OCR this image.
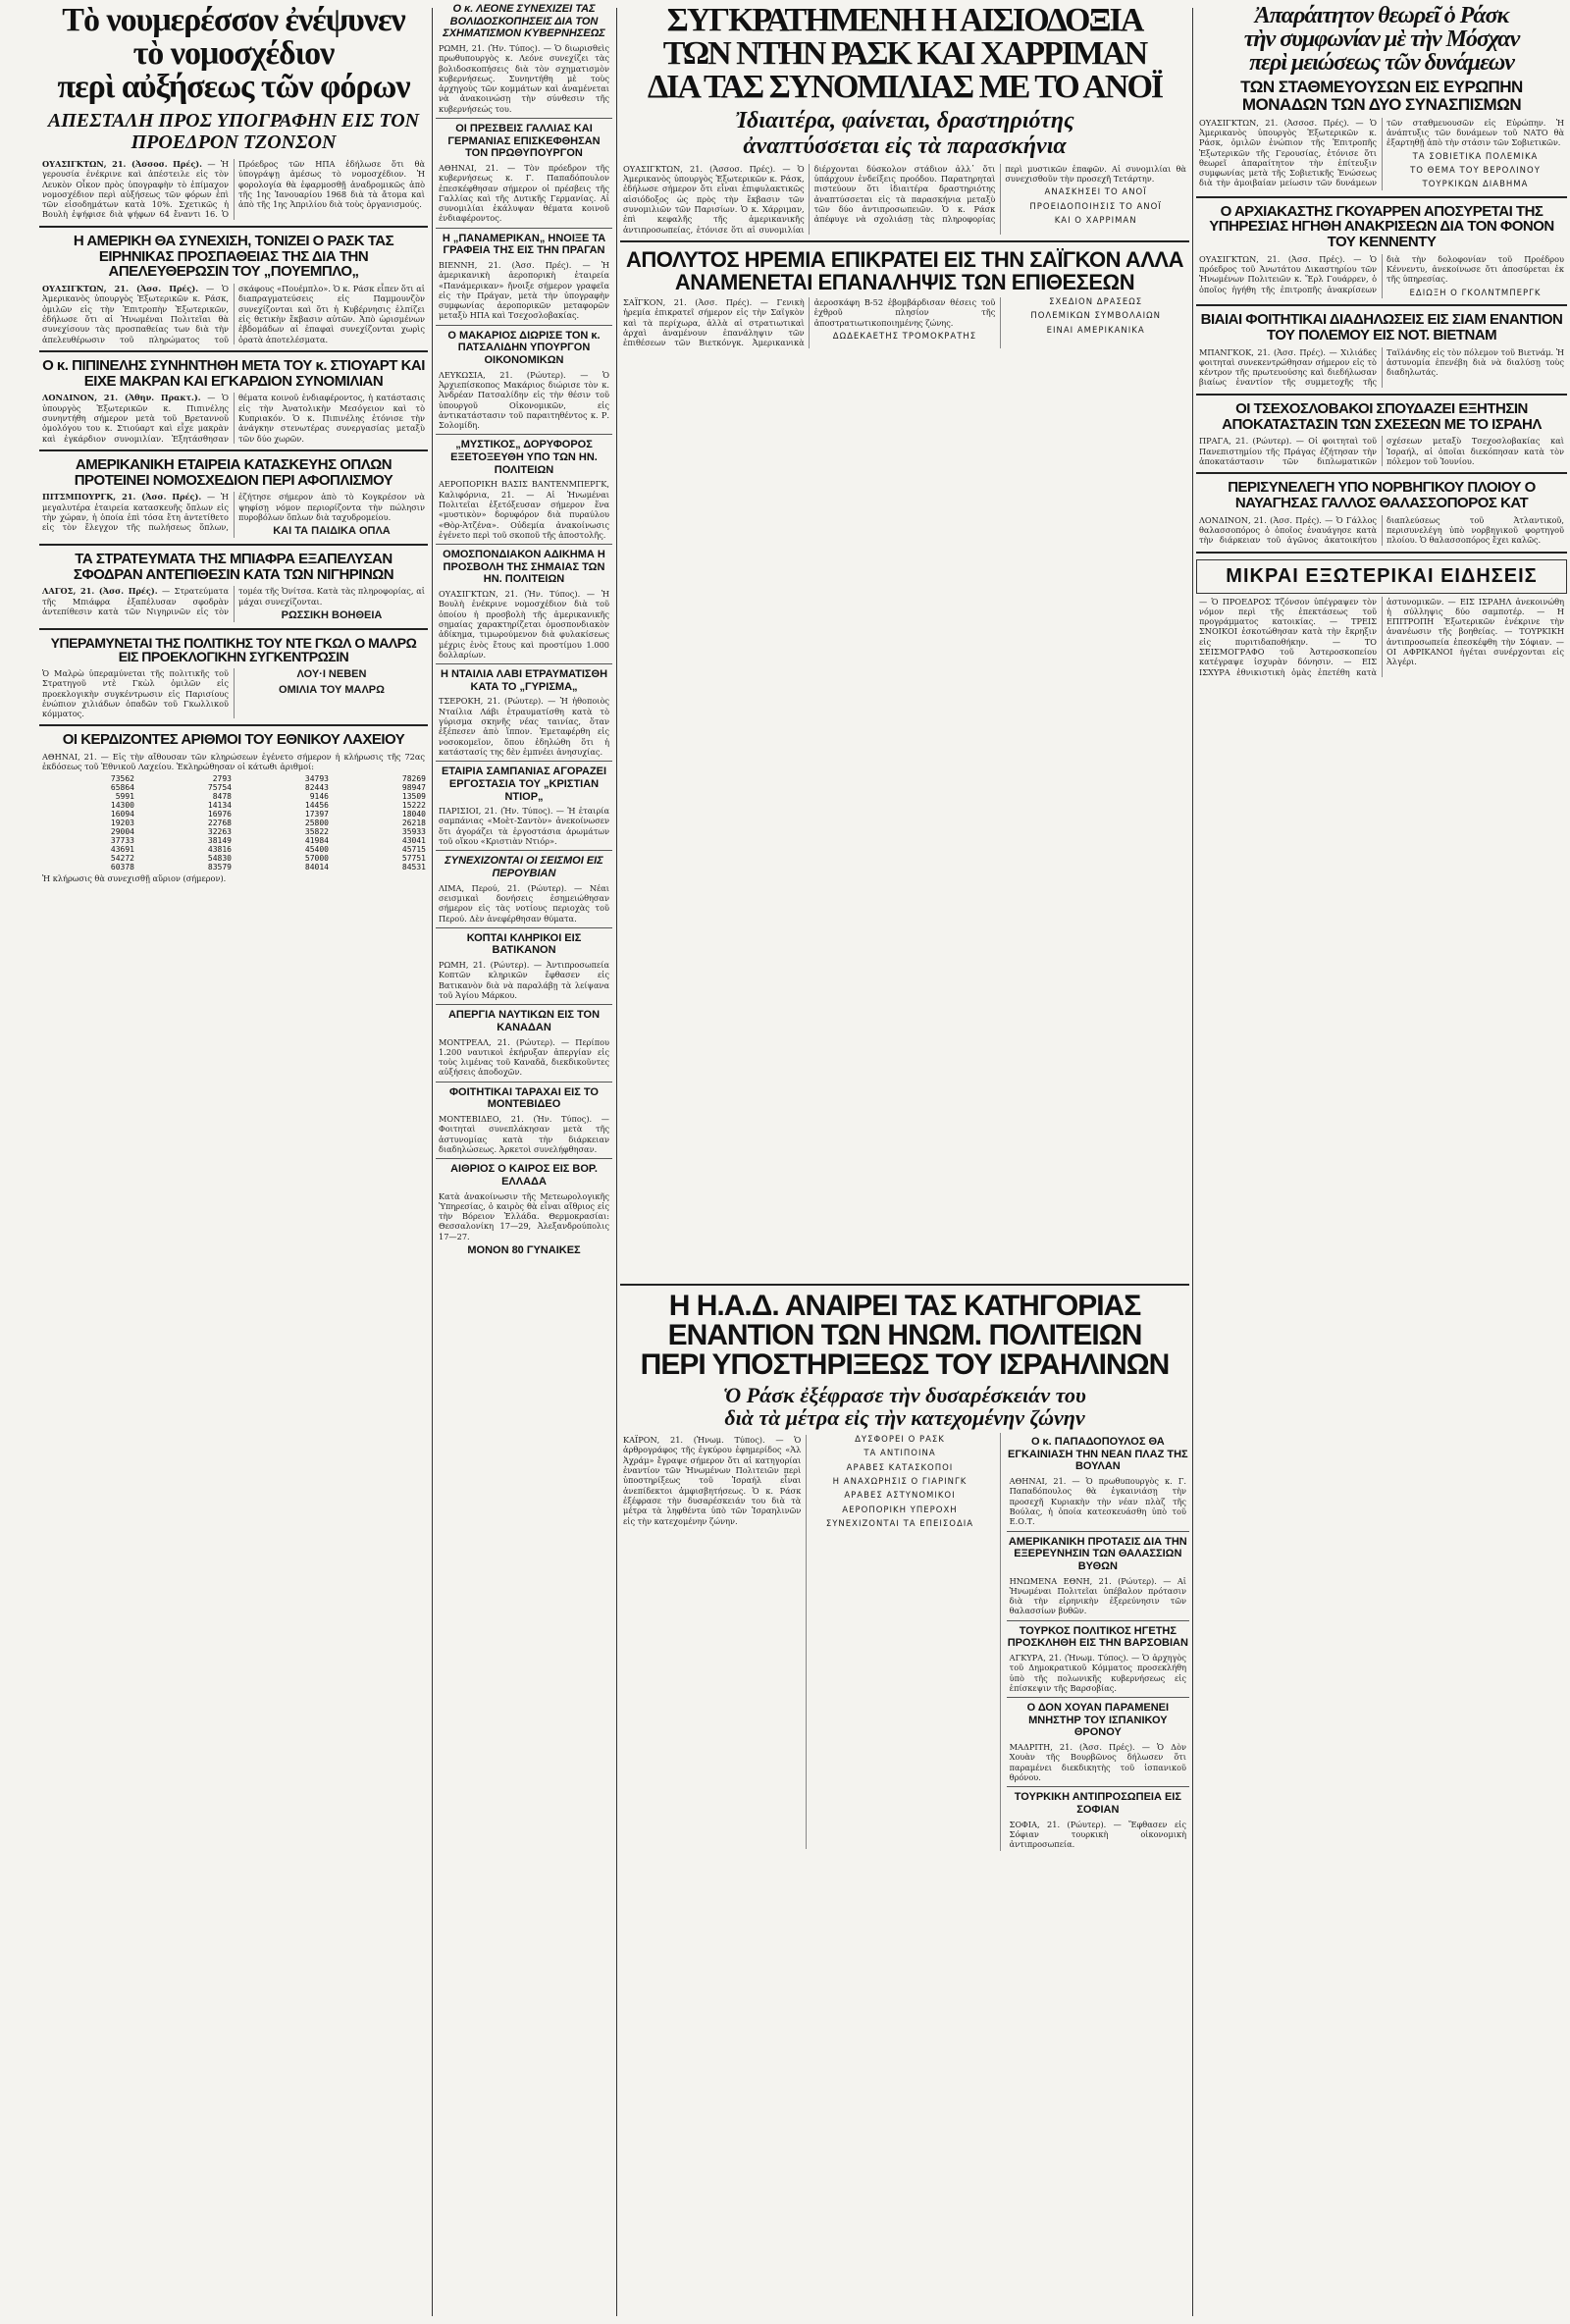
Τὸ νουμερέσσον ἐνέψυνεν
τὸ νομοσχέδιον
περὶ αὐξήσεως τῶν φόρων
ΑΠΕΣΤΑΛΗ ΠΡΟΣ ΥΠΟΓΡΑΦΗΝ ΕΙΣ ΤΟΝ ΠΡΟΕΔΡΟΝ ΤΖΟΝΣΟΝ
ΟΥΑΣΙΓΚΤΩΝ, 21. (Ἀσσοσ. Πρές). — Ἡ γερουσία ἐνέκρινε καὶ ἀπέστειλε εἰς τὸν Λευκὸν Οἶκον πρὸς ὑπογραφὴν τὸ ἐπίμαχον νομοσχέδιον περὶ αὐξήσεως τῶν φόρων ἐπὶ τῶν εἰσοδημάτων κατὰ 10%. Σχετικῶς ἡ Βουλὴ ἐψήφισε διὰ ψήφων 64 ἔναντι 16. Ὁ Πρόεδρος τῶν ΗΠΑ ἐδήλωσε ὅτι θὰ ὑπογράψῃ ἀμέσως τὸ νομοσχέδιον. Ἡ φορολογία θὰ ἐφαρμοσθῇ ἀναδρομικῶς ἀπὸ τῆς 1ης Ἰανουαρίου 1968 διὰ τὰ ἄτομα καὶ ἀπὸ τῆς 1ης Ἀπριλίου διὰ τοὺς ὀργανισμούς.
Η ΑΜΕΡΙΚΗ ΘΑ ΣΥΝΕΧΙΣΗ, ΤΟΝΙΖΕΙ Ο ΡΑΣΚ ΤΑΣ ΕΙΡΗΝΙΚΑΣ ΠΡΟΣΠΑΘΕΙΑΣ ΤΗΣ ΔΙΑ ΤΗΝ ΑΠΕΛΕΥΘΕΡΩΣΙΝ ΤΟΥ „ΠΟΥΕΜΠΛΟ„
ΟΥΑΣΙΓΚΤΩΝ, 21. (Ἀσσ. Πρές). — Ὁ Ἀμερικανὸς ὑπουργὸς Ἐξωτερικῶν κ. Ράσκ, ὁμιλῶν εἰς τὴν Ἐπιτροπὴν Ἐξωτερικῶν, ἐδήλωσε ὅτι αἱ Ἡνωμέναι Πολιτεῖαι θὰ συνεχίσουν τὰς προσπαθείας των διὰ τὴν ἀπελευθέρωσιν τοῦ πληρώματος τοῦ σκάφους «Πουέμπλο». Ὁ κ. Ράσκ εἶπεν ὅτι αἱ διαπραγματεύσεις εἰς Παμμουνζὸν συνεχίζονται καὶ ὅτι ἡ Κυβέρνησις ἐλπίζει εἰς θετικὴν ἔκβασιν αὐτῶν. Ἀπὸ ὡρισμένων ἐβδομάδων αἱ ἐπαφαὶ συνεχίζονται χωρὶς ὁρατὰ ἀποτελέσματα.
Ο κ. ΠΙΠΙΝΕΛΗΣ ΣΥΝΗΝΤΗΘΗ ΜΕΤΑ ΤΟΥ κ. ΣΤΙΟΥΑΡΤ ΚΑΙ ΕΙΧΕ ΜΑΚΡΑΝ ΚΑΙ ΕΓΚΑΡΔΙΟΝ ΣΥΝΟΜΙΛΙΑΝ
ΛΟΝΔΙΝΟΝ, 21. (Ἀθην. Πρακτ.). — Ὁ ὑπουργὸς Ἐξωτερικῶν κ. Πιπινέλης συνηντήθη σήμερον μετὰ τοῦ Βρεταννοῦ ὁμολόγου του κ. Στιούαρτ καὶ εἶχε μακρὰν καὶ ἐγκάρδιον συνομιλίαν. Ἐξητάσθησαν θέματα κοινοῦ ἐνδιαφέροντος, ἡ κατάστασις εἰς τὴν Ἀνατολικὴν Μεσόγειον καὶ τὸ Κυπριακόν. Ὁ κ. Πιπινέλης ἐτόνισε τὴν ἀνάγκην στενωτέρας συνεργασίας μεταξὺ τῶν δύο χωρῶν.
ΑΜΕΡΙΚΑΝΙΚΗ ΕΤΑΙΡΕΙΑ ΚΑΤΑΣΚΕΥΗΣ ΟΠΛΩΝ ΠΡΟΤΕΙΝΕΙ ΝΟΜΟΣΧΕΔΙΟΝ ΠΕΡΙ ΑΦΟΠΛΙΣΜΟΥ
ΠΙΤΣΜΠΟΥΡΓΚ, 21. (Ἀσσ. Πρές). — Ἡ μεγαλυτέρα ἐταιρεία κατασκευῆς ὅπλων εἰς τὴν χώραν, ἡ ὁποία ἐπὶ τόσα ἔτη ἀντετίθετο εἰς τὸν ἔλεγχον τῆς πωλήσεως ὅπλων, ἐζήτησε σήμερον ἀπὸ τὸ Κογκρέσον νὰ ψηφίσῃ νόμον περιορίζοντα τὴν πώλησιν πυροβόλων ὅπλων διὰ ταχυδρομείου.
ΚΑΙ ΤΑ ΠΑΙΔΙΚΑ ΟΠΛΑ
ΤΑ ΣΤΡΑΤΕΥΜΑΤΑ ΤΗΣ ΜΠΙΑΦΡΑ ΕΞΑΠΕΛΥΣΑΝ ΣΦΟΔΡΑΝ ΑΝΤΕΠΙΘΕΣΙΝ ΚΑΤΑ ΤΩΝ ΝΙΓΗΡΙΝΩΝ
ΛΑΓΟΣ, 21. (Ἀσσ. Πρές). — Στρατεύματα τῆς Μπιάφρα ἐξαπέλυσαν σφοδρὰν ἀντεπίθεσιν κατὰ τῶν Νιγηρινῶν εἰς τὸν τομέα τῆς Ὀνίτσα. Κατὰ τὰς πληροφορίας, αἱ μάχαι συνεχίζονται.
ΡΩΣΣΙΚΗ ΒΟΗΘΕΙΑ
ΥΠΕΡΑΜΥΝΕΤΑΙ ΤΗΣ ΠΟΛΙΤΙΚΗΣ ΤΟΥ ΝΤΕ ΓΚΩΛ Ο ΜΑΛΡΩ ΕΙΣ ΠΡΟΕΚΛΟΓΙΚΗΝ ΣΥΓΚΕΝΤΡΩΣΙΝ
Ὁ Μαλρὼ ὑπεραμύνεται τῆς πολιτικῆς τοῦ Στρατηγοῦ ντὲ Γκὼλ ὁμιλῶν εἰς προεκλογικὴν συγκέντρωσιν εἰς Παρισίους ἐνώπιον χιλιάδων ὀπαδῶν τοῦ Γκωλλικοῦ κόμματος.
ΛΟΥ·Ι ΝΕΒΕΝ
ΟΜΙΛΙΑ ΤΟΥ ΜΑΛΡΩ
ΟΙ ΚΕΡΔΙΖΟΝΤΕΣ ΑΡΙΘΜΟΙ ΤΟΥ ΕΘΝΙΚΟΥ ΛΑΧΕΙΟΥ
ΑΘΗΝΑΙ, 21. — Εἰς τὴν αἴθουσαν τῶν κληρώσεων ἐγένετο σήμερον ἡ κλήρωσις τῆς 72ας ἐκδόσεως τοῦ Ἐθνικοῦ Λαχείου. Ἐκληρώθησαν οἱ κάτωθι ἀριθμοί:
73562	2793	34793	78269
65864	75754	82443	98947
5991	8478	9146	13509
14300	14134	14456	15222
16094	16976	17397	18040
19203	22768	25800	26218
29004	32263	35822	35933
37733	38149	41984	43041
43691	43816	45400	45715
54272	54830	57000	57751
60378	83579	84014	84531
Ἡ κλήρωσις θὰ συνεχισθῇ αὔριον (σήμερον).
Ο κ. ΛΕΟΝΕ ΣΥΝΕΧΙΖΕΙ ΤΑΣ ΒΟΛΙΔΟΣΚΟΠΗΣΕΙΣ ΔΙΑ ΤΟΝ ΣΧΗΜΑΤΙΣΜΟΝ ΚΥΒΕΡΝΗΣΕΩΣ
ΡΩΜΗ, 21. (Ἡν. Τύπος). — Ὁ διωρισθεὶς πρωθυπουργὸς κ. Λεόνε συνεχίζει τὰς βολιδοσκοπήσεις διὰ τὸν σχηματισμὸν κυβερνήσεως. Συνηντήθη μὲ τοὺς ἀρχηγοὺς τῶν κομμάτων καὶ ἀναμένεται νὰ ἀνακοινώσῃ τὴν σύνθεσιν τῆς κυβερνήσεώς του.
ΟΙ ΠΡΕΣΒΕΙΣ ΓΑΛΛΙΑΣ ΚΑΙ ΓΕΡΜΑΝΙΑΣ ΕΠΙΣΚΕΦΘΗΣΑΝ ΤΟΝ ΠΡΩΘΥΠΟΥΡΓΟΝ
ΑΘΗΝΑΙ, 21. — Τὸν πρόεδρον τῆς κυβερνήσεως κ. Γ. Παπαδόπουλον ἐπεσκέφθησαν σήμερον οἱ πρέσβεις τῆς Γαλλίας καὶ τῆς Δυτικῆς Γερμανίας. Αἱ συνομιλίαι ἐκάλυψαν θέματα κοινοῦ ἐνδιαφέροντος.
Η „ΠΑΝΑΜΕΡΙΚΑΝ„ ΗΝΟΙΞΕ ΤΑ ΓΡΑΦΕΙΑ ΤΗΣ ΕΙΣ ΤΗΝ ΠΡΑΓΑΝ
ΒΙΕΝΝΗ, 21. (Ἀσσ. Πρές). — Ἡ ἀμερικανικὴ ἀεροπορικὴ ἑταιρεία «Πανάμερικαν» ἤνοιξε σήμερον γραφεῖα εἰς τὴν Πράγαν, μετὰ τὴν ὑπογραφὴν συμφωνίας ἀεροπορικῶν μεταφορῶν μεταξὺ ΗΠΑ καὶ Τσεχοσλοβακίας.
Ο ΜΑΚΑΡΙΟΣ ΔΙΩΡΙΣΕ ΤΟΝ κ. ΠΑΤΣΑΛΙΔΗΝ ΥΠΟΥΡΓΟΝ ΟΙΚΟΝΟΜΙΚΩΝ
ΛΕΥΚΩΣΙΑ, 21. (Ρώυτερ). — Ὁ Ἀρχιεπίσκοπος Μακάριος διώρισε τὸν κ. Ἀνδρέαν Πατσαλίδην εἰς τὴν θέσιν τοῦ ὑπουργοῦ Οἰκονομικῶν, εἰς ἀντικατάστασιν τοῦ παραιτηθέντος κ. Ρ. Σολομίδη.
„ΜΥΣΤΙΚΟΣ„ ΔΟΡΥΦΟΡΟΣ ΕΞΕΤΟΞΕΥΘΗ ΥΠΟ ΤΩΝ ΗΝ. ΠΟΛΙΤΕΙΩΝ
ΑΕΡΟΠΟΡΙΚΗ ΒΑΣΙΣ ΒΑΝΤΕΝΜΠΕΡΓΚ, Καλιφόρνια, 21. — Αἱ Ἡνωμέναι Πολιτεῖαι ἐξετόξευσαν σήμερον ἕνα «μυστικὸν» δορυφόρον διὰ πυραύλου «Θὸρ-Ἀτζένα». Οὐδεμία ἀνακοίνωσις ἐγένετο περὶ τοῦ σκοποῦ τῆς ἀποστολῆς.
ΟΜΟΣΠΟΝΔΙΑΚΟΝ ΑΔΙΚΗΜΑ Η ΠΡΟΣΒΟΛΗ ΤΗΣ ΣΗΜΑΙΑΣ ΤΩΝ ΗΝ. ΠΟΛΙΤΕΙΩΝ
ΟΥΑΣΙΓΚΤΩΝ, 21. (Ἡν. Τύπος). — Ἡ Βουλὴ ἐνέκρινε νομοσχέδιον διὰ τοῦ ὁποίου ἡ προσβολὴ τῆς ἀμερικανικῆς σημαίας χαρακτηρίζεται ὁμοσπονδιακὸν ἀδίκημα, τιμωρούμενον διὰ φυλακίσεως μέχρις ἑνὸς ἔτους καὶ προστίμου 1.000 δολλαρίων.
Η ΝΤΑΙΛΙΑ ΛΑΒΙ ΕΤΡΑΥΜΑΤΙΣΘΗ ΚΑΤΑ ΤΟ „ΓΥΡΙΣΜΑ„
ΤΣΕΡΟΚΗ, 21. (Ρώυτερ). — Ἡ ἠθοποιὸς Νταίλια Λάβι ἐτραυματίσθη κατὰ τὸ γύρισμα σκηνῆς νέας ταινίας, ὅταν ἐξέπεσεν ἀπὸ ἵππον. Ἐμεταφέρθη εἰς νοσοκομεῖον, ὅπου ἐδηλώθη ὅτι ἡ κατάστασίς της δὲν ἐμπνέει ἀνησυχίας.
ΕΤΑΙΡΙΑ ΣΑΜΠΑΝΙΑΣ ΑΓΟΡΑΖΕΙ ΕΡΓΟΣΤΑΣΙΑ ΤΟΥ „ΚΡΙΣΤΙΑΝ ΝΤΙΟΡ„
ΠΑΡΙΣΙΟΙ, 21. (Ἡν. Τύπος). — Ἡ ἐταιρία σαμπάνιας «Μοὲτ-Σαντὸν» ἀνεκοίνωσεν ὅτι ἀγοράζει τὰ ἐργοστάσια ἀρωμάτων τοῦ οἴκου «Κριστιὰν Ντιόρ».
ΣΥΝΕΧΙΖΟΝΤΑΙ ΟΙ ΣΕΙΣΜΟΙ ΕΙΣ ΠΕΡΟΥΒΙΑΝ
ΛΙΜΑ, Περού, 21. (Ρώυτερ). — Νέαι σεισμικαὶ δονήσεις ἐσημειώθησαν σήμερον εἰς τὰς νοτίους περιοχὰς τοῦ Περού. Δὲν ἀνεφέρθησαν θύματα.
ΚΟΠΤΑΙ ΚΛΗΡΙΚΟΙ ΕΙΣ ΒΑΤΙΚΑΝΟΝ
ΡΩΜΗ, 21. (Ρώυτερ). — Ἀντιπροσωπεία Κοπτῶν κληρικῶν ἔφθασεν εἰς Βατικανὸν διὰ νὰ παραλάβῃ τὰ λείψανα τοῦ Ἁγίου Μάρκου.
ΑΠΕΡΓΙΑ ΝΑΥΤΙΚΩΝ ΕΙΣ ΤΟΝ ΚΑΝΑΔΑΝ
ΜΟΝΤΡΕΑΛ, 21. (Ρώυτερ). — Περίπου 1.200 ναυτικοὶ ἐκήρυξαν ἀπεργίαν εἰς τοὺς λιμένας τοῦ Καναδᾶ, διεκδικοῦντες αὐξήσεις ἀποδοχῶν.
ΦΟΙΤΗΤΙΚΑΙ ΤΑΡΑΧΑΙ ΕΙΣ ΤΟ ΜΟΝΤΕΒΙΔΕΟ
ΜΟΝΤΕΒΙΔΕΟ, 21. (Ἡν. Τύπος). — Φοιτηταὶ συνεπλάκησαν μετὰ τῆς ἀστυνομίας κατὰ τὴν διάρκειαν διαδηλώσεως. Ἀρκετοὶ συνελήφθησαν.
ΑΙΘΡΙΟΣ Ο ΚΑΙΡΟΣ ΕΙΣ ΒΟΡ. ΕΛΛΑΔΑ
Κατὰ ἀνακοίνωσιν τῆς Μετεωρολογικῆς Ὑπηρεσίας, ὁ καιρὸς θὰ εἶναι αἴθριος εἰς τὴν Βόρειον Ἑλλάδα. Θερμοκρασίαι: Θεσσαλονίκη 17—29, Ἀλεξανδρούπολις 17—27.
ΜΟΝΟΝ 80 ΓΥΝΑΙΚΕΣ
ΣΥΓΚΡΑΤΗΜΕΝΗ Η ΑΙΣΙΟΔΟΞΙΑ
ΤΩΝ ΝΤΗΝ ΡΑΣΚ ΚΑΙ ΧΑΡΡΙΜΑΝ
ΔΙΑ ΤΑΣ ΣΥΝΟΜΙΛΙΑΣ ΜΕ ΤΟ ΑΝΟΪ
Ἰδιαιτέρα, φαίνεται, δραστηριότης
ἀναπτύσσεται εἰς τὰ παρασκήνια
ΟΥΑΣΙΓΚΤΩΝ, 21. (Ἀσσοσ. Πρές). — Ὁ Ἀμερικανὸς ὑπουργὸς Ἐξωτερικῶν κ. Ράσκ, ἐδήλωσε σήμερον ὅτι εἶναι ἐπιφυλακτικῶς αἰσιόδοξος ὡς πρὸς τὴν ἔκβασιν τῶν συνομιλιῶν τῶν Παρισίων. Ὁ κ. Χάρριμαν, ἐπὶ κεφαλῆς τῆς ἀμερικανικῆς ἀντιπροσωπείας, ἐτόνισε ὅτι αἱ συνομιλίαι διέρχονται δύσκολον στάδιον ἀλλ᾽ ὅτι ὑπάρχουν ἐνδείξεις προόδου. Παρατηρηταὶ πιστεύουν ὅτι ἰδιαιτέρα δραστηριότης ἀναπτύσσεται εἰς τὰ παρασκήνια μεταξὺ τῶν δύο ἀντιπροσωπειῶν. Ὁ κ. Ράσκ ἀπέφυγε νὰ σχολιάσῃ τὰς πληροφορίας περὶ μυστικῶν ἐπαφῶν. Αἱ συνομιλίαι θὰ συνεχισθοῦν τὴν προσεχῆ Τετάρτην.
ΑΝΑΣΚΗΣΕΙ ΤΟ ΑΝΟΪ
ΠΡΟΕΙΔΟΠΟΙΗΣΙΣ ΤΟ ΑΝΟΪ
ΚΑΙ Ο ΧΑΡΡΙΜΑΝ
ΑΠΟΛΥΤΟΣ ΗΡΕΜΙΑ ΕΠΙΚΡΑΤΕΙ ΕΙΣ ΤΗΝ ΣΑΪΓΚΟΝ ΑΛΛΑ ΑΝΑΜΕΝΕΤΑΙ ΕΠΑΝΑΛΗΨΙΣ ΤΩΝ ΕΠΙΘΕΣΕΩΝ
ΣΑΪΓΚΟΝ, 21. (Ἀσσ. Πρές). — Γενικὴ ἠρεμία ἐπικρατεῖ σήμερον εἰς τὴν Σαϊγκὸν καὶ τὰ περίχωρα, ἀλλὰ αἱ στρατιωτικαὶ ἀρχαὶ ἀναμένουν ἐπανάληψιν τῶν ἐπιθέσεων τῶν Βιετκόνγκ. Ἀμερικανικὰ ἀεροσκάφη Β-52 ἐβομβάρδισαν θέσεις τοῦ ἐχθροῦ πλησίον τῆς ἀποστρατιωτικοποιημένης ζώνης.
ΔΩΔΕΚΑΕΤΗΣ ΤΡΟΜΟΚΡΑΤΗΣ
ΣΧΕΔΙΟΝ ΔΡΑΣΕΩΣ
ΠΟΛΕΜΙΚΩΝ ΣΥΜΒΟΛΑΙΩΝ
ΕΙΝΑΙ ΑΜΕΡΙΚΑΝΙΚΑ
Η Η.Α.Δ. ΑΝΑΙΡΕΙ ΤΑΣ ΚΑΤΗΓΟΡΙΑΣ
ΕΝΑΝΤΙΟΝ ΤΩΝ ΗΝΩΜ. ΠΟΛΙΤΕΙΩΝ
ΠΕΡΙ ΥΠΟΣΤΗΡΙΞΕΩΣ ΤΟΥ ΙΣΡΑΗΛΙΝΩΝ
Ὁ Ράσκ ἐξέφρασε τὴν δυσαρέσκειάν του
διὰ τὰ μέτρα εἰς τὴν κατεχομένην ζώνην
ΚΑΪΡΟΝ, 21. (Ἡνωμ. Τύπος). — Ὁ ἀρθρογράφος τῆς ἐγκύρου ἐφημερίδος «Ἀλ Ἀχράμ» ἔγραψε σήμερον ὅτι αἱ κατηγορίαι ἐναντίον τῶν Ἡνωμένων Πολιτειῶν περὶ ὑποστηρίξεως τοῦ Ἰσραήλ εἶναι ἀνεπίδεκτοι ἀμφισβητήσεως. Ὁ κ. Ράσκ ἐξέφρασε τὴν δυσαρέσκειάν του διὰ τὰ μέτρα τὰ ληφθέντα ὑπὸ τῶν Ἰσραηλινῶν εἰς τὴν κατεχομένην ζώνην.
ΔΥΣΦΟΡΕΙ Ο ΡΑΣΚ
ΤΑ ΑΝΤΙΠΟΙΝΑ
ΑΡΑΒΕΣ ΚΑΤΑΣΚΟΠΟΙ
Η ΑΝΑΧΩΡΗΣΙΣ Ο ΓΙΑΡΙΝΓΚ
ΑΡΑΒΕΣ ΑΣΤΥΝΟΜΙΚΟΙ
ΑΕΡΟΠΟΡΙΚΗ ΥΠΕΡΟΧΗ
ΣΥΝΕΧΙΖΟΝΤΑΙ ΤΑ ΕΠΕΙΣΟΔΙΑ
Ο κ. ΠΑΠΑΔΟΠΟΥΛΟΣ ΘΑ ΕΓΚΑΙΝΙΑΣΗ ΤΗΝ ΝΕΑΝ ΠΛΑΖ ΤΗΣ ΒΟΥΛΑΝ
ΑΘΗΝΑΙ, 21. — Ὁ πρωθυπουργὸς κ. Γ. Παπαδόπουλος θὰ ἐγκαινιάσῃ τὴν προσεχῆ Κυριακὴν τὴν νέαν πλὰζ τῆς Βούλας, ἡ ὁποία κατεσκευάσθη ὑπὸ τοῦ Ε.Ο.Τ.
ΑΜΕΡΙΚΑΝΙΚΗ ΠΡΟΤΑΣΙΣ ΔΙΑ ΤΗΝ ΕΞΕΡΕΥΝΗΣΙΝ ΤΩΝ ΘΑΛΑΣΣΙΩΝ ΒΥΘΩΝ
ΗΝΩΜΕΝΑ ΕΘΝΗ, 21. (Ρώυτερ). — Αἱ Ἡνωμέναι Πολιτεῖαι ὑπέβαλον πρότασιν διὰ τὴν εἰρηνικὴν ἐξερεύνησιν τῶν θαλασσίων βυθῶν.
ΤΟΥΡΚΟΣ ΠΟΛΙΤΙΚΟΣ ΗΓΕΤΗΣ ΠΡΟΣΚΛΗΘΗ ΕΙΣ ΤΗΝ ΒΑΡΣΟΒΙΑΝ
ΑΓΚΥΡΑ, 21. (Ἡνωμ. Τύπος). — Ὁ ἀρχηγὸς τοῦ Δημοκρατικοῦ Κόμματος προσεκλήθη ὑπὸ τῆς πολωνικῆς κυβερνήσεως εἰς ἐπίσκεψιν τῆς Βαρσοβίας.
Ο ΔΟΝ ΧΟΥΑΝ ΠΑΡΑΜΕΝΕΙ ΜΝΗΣΤΗΡ ΤΟΥ ΙΣΠΑΝΙΚΟΥ ΘΡΟΝΟΥ
ΜΑΔΡΙΤΗ, 21. (Ἀσσ. Πρές). — Ὁ Δὸν Χουὰν τῆς Βουρβῶνος δήλωσεν ὅτι παραμένει διεκδικητὴς τοῦ ἰσπανικοῦ θρόνου.
ΤΟΥΡΚΙΚΗ ΑΝΤΙΠΡΟΣΩΠΕΙΑ ΕΙΣ ΣΟΦΙΑΝ
ΣΟΦΙΑ, 21. (Ρώυτερ). — Ἔφθασεν εἰς Σόφιαν τουρκικὴ οἰκονομικὴ ἀντιπροσωπεία.
Ἀπαράιτητον θεωρεῖ ὁ Ράσκ
τὴν συμφωνίαν μὲ τὴν Μόσχαν
περὶ μειώσεως τῶν δυνάμεων
ΤΩΝ ΣΤΑΘΜΕΥΟΥΣΩΝ ΕΙΣ ΕΥΡΩΠΗΝ ΜΟΝΑΔΩΝ ΤΩΝ ΔΥΟ ΣΥΝΑΣΠΙΣΜΩΝ
ΟΥΑΣΙΓΚΤΩΝ, 21. (Ἀσσοσ. Πρές). — Ὁ Ἀμερικανὸς ὑπουργὸς Ἐξωτερικῶν κ. Ράσκ, ὁμιλῶν ἐνώπιον τῆς Ἐπιτροπῆς Ἐξωτερικῶν τῆς Γερουσίας, ἐτόνισε ὅτι θεωρεῖ ἀπαραίτητον τὴν ἐπίτευξιν συμφωνίας μετὰ τῆς Σοβιετικῆς Ἑνώσεως διὰ τὴν ἀμοιβαίαν μείωσιν τῶν δυνάμεων τῶν σταθμευουσῶν εἰς Εὐρώπην. Ἡ ἀνάπτυξις τῶν δυνάμεων τοῦ ΝΑΤΟ θὰ ἐξαρτηθῇ ἀπὸ τὴν στάσιν τῶν Σοβιετικῶν.
ΤΑ ΣΟΒΙΕΤΙΚΑ ΠΟΛΕΜΙΚΑ
ΤΟ ΘΕΜΑ ΤΟΥ ΒΕΡΟΛΙΝΟΥ
ΤΟΥΡΚΙΚΩΝ ΔΙΑΒΗΜΑ
Ο ΑΡΧΙΑΚΑΣΤΗΣ ΓΚΟΥΑΡΡΕΝ ΑΠΟΣΥΡΕΤΑΙ ΤΗΣ ΥΠΗΡΕΣΙΑΣ ΗΓΗΘΗ ΑΝΑΚΡΙΣΕΩΝ ΔΙΑ ΤΟΝ ΦΟΝΟΝ ΤΟΥ ΚΕΝΝΕΝΤΥ
ΟΥΑΣΙΓΚΤΩΝ, 21. (Ἀσσ. Πρές). — Ὁ πρόεδρος τοῦ Ἀνωτάτου Δικαστηρίου τῶν Ἡνωμένων Πολιτειῶν κ. Ἔρλ Γουάρρεν, ὁ ὁποῖος ἡγήθη τῆς ἐπιτροπῆς ἀνακρίσεων διὰ τὴν δολοφονίαν τοῦ Προέδρου Κέννεντυ, ἀνεκοίνωσε ὅτι ἀποσύρεται ἐκ τῆς ὑπηρεσίας.
ΕΔΙΩΞΗ Ο ΓΚΟΛΝΤΜΠΕΡΓΚ
ΒΙΑΙΑΙ ΦΟΙΤΗΤΙΚΑΙ ΔΙΑΔΗΛΩΣΕΙΣ ΕΙΣ ΣΙΑΜ ΕΝΑΝΤΙΟΝ ΤΟΥ ΠΟΛΕΜΟΥ ΕΙΣ ΝΟΤ. ΒΙΕΤΝΑΜ
ΜΠΑΝΓΚΟΚ, 21. (Ἀσσ. Πρές). — Χιλιάδες φοιτηταὶ συνεκεντρώθησαν σήμερον εἰς τὸ κέντρον τῆς πρωτευούσης καὶ διεδήλωσαν βιαίως ἐναντίον τῆς συμμετοχῆς τῆς Ταϊλάνδης εἰς τὸν πόλεμον τοῦ Βιετνάμ. Ἡ ἀστυνομία ἐπενέβη διὰ νὰ διαλύσῃ τοὺς διαδηλωτάς.
ΟΙ ΤΣΕΧΟΣΛΟΒΑΚΟΙ ΣΠΟΥΔΑΖΕΙ ΕΞΗΤΗΣΙΝ ΑΠΟΚΑΤΑΣΤΑΣΙΝ ΤΩΝ ΣΧΕΣΕΩΝ ΜΕ ΤΟ ΙΣΡΑΗΛ
ΠΡΑΓΑ, 21. (Ρώυτερ). — Οἱ φοιτηταὶ τοῦ Πανεπιστημίου τῆς Πράγας ἐζήτησαν τὴν ἀποκατάστασιν τῶν διπλωματικῶν σχέσεων μεταξὺ Τσεχοσλοβακίας καὶ Ἰσραήλ, αἱ ὁποῖαι διεκόπησαν κατὰ τὸν πόλεμον τοῦ Ἰουνίου.
ΠΕΡΙΣΥΝΕΛΕΓΗ ΥΠΟ ΝΟΡΒΗΓΙΚΟΥ ΠΛΟΙΟΥ Ο ΝΑΥΑΓΗΣΑΣ ΓΑΛΛΟΣ ΘΑΛΑΣΣΟΠΟΡΟΣ ΚΑΤ
ΛΟΝΔΙΝΟΝ, 21. (Ἀσσ. Πρές). — Ὁ Γάλλος θαλασσοπόρος ὁ ὁποῖος ἐναυάγησε κατὰ τὴν διάρκειαν τοῦ ἀγῶνος ἀκατοικήτου διαπλεύσεως τοῦ Ἀτλαντικοῦ, περισυνελέγη ὑπὸ νορβηγικοῦ φορτηγοῦ πλοίου. Ὁ θαλασσοπόρος ἔχει καλῶς.
ΜΙΚΡΑΙ ΕΞΩΤΕΡΙΚΑΙ ΕΙΔΗΣΕΙΣ
— Ὁ ΠΡΟΕΔΡΟΣ Τζόνσον ὑπέγραψεν τὸν νόμον περὶ τῆς ἐπεκτάσεως τοῦ προγράμματος κατοικίας. — ΤΡΕΙΣ ΣΝΟΙΚΟΙ ἐσκοτώθησαν κατὰ τὴν ἔκρηξιν εἰς πυριτιδαποθήκην. — ΤΟ ΣΕΙΣΜΟΓΡΑΦΟ τοῦ Ἀστεροσκοπείου κατέγραψε ἰσχυρὰν δόνησιν. — ΕΙΣ ΙΣΧΥΡΑ ἐθνικιστικὴ ὁμὰς ἐπετέθη κατὰ ἀστυνομικῶν. — ΕΙΣ ΙΣΡΑΗΛ ἀνεκοινώθη ἡ σύλληψις δύο σαμποτέρ. — Η ΕΠΙΤΡΟΠΗ Ἐξωτερικῶν ἐνέκρινε τὴν ἀνανέωσιν τῆς βοηθείας. — ΤΟΥΡΚΙΚΗ ἀντιπροσωπεία ἐπεσκέφθη τὴν Σόφιαν. — ΟΙ ΑΦΡΙΚΑΝΟΙ ἡγέται συνέρχονται εἰς Ἀλγέρι.
